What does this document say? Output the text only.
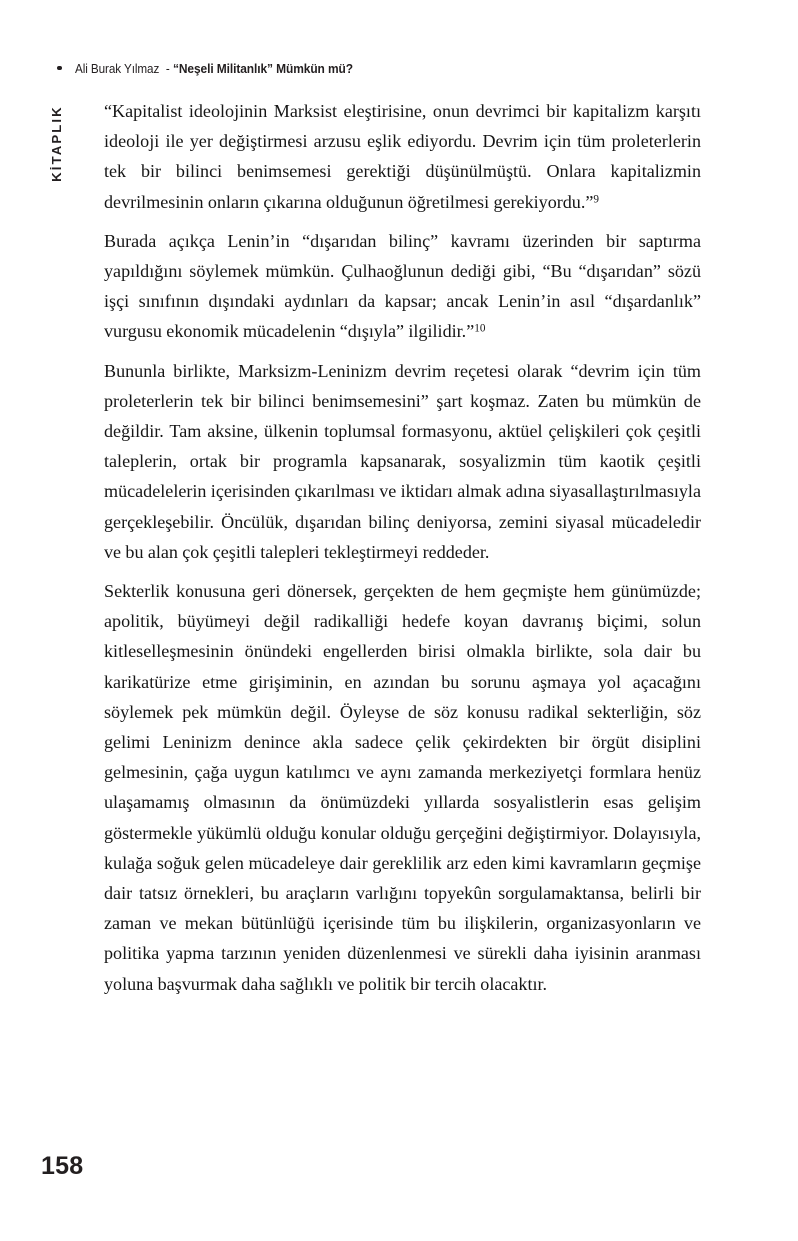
Ali Burak Yılmaz - “Neşeli Militanlık” Mümkün mü?
KİTAPLIK “Kapitalist ideolojinin Marksist eleştirisine, onun devrimci bir kapitalizm karşıtı ideoloji ile yer değiştirmesi arzusu eşlik ediyordu. Devrim için tüm proleterlerin tek bir bilinci benimsemesi gerektiği düşünülmüştü. Onlara kapitalizmin devrilmesinin onların çıkarına olduğunun öğretilmesi gerekiyordu.”$^9$

Burada açıkça Lenin’in “dışarıdan bilinç” kavramı üzerinden bir saptırma yapıldığını söylemek mümkün. Çulhaoğlunun dediği gibi, “Bu “dışarıdan” sözü işçi sınıfının dışındaki aydınları da kapsar; ancak Lenin’in asıl “dışardanlık” vurgusu ekonomik mücadelenin “dışıyla” ilgilidir.”$^{10}$

Bununla birlikte, Marksizm-Leninizm devrim reçetesi olarak “devrim için tüm proleterlerin tek bir bilinci benimsemesini” şart koşmaz. Zaten bu mümkün de değildir. Tam aksine, ülkenin toplumsal formasyonu, aktüel çelişkileri çok çeşitli taleplerin, ortak bir programla kapsanarak, sosyalizmin tüm kaotik çeşitli mücadelelerin içerisinden çıkarılması ve iktidarı almak adına siyasallaştırılmasıyla gerçekleşebilir. Öncülük, dışarıdan bilinç deniyorsa, zemini siyasal mücadeledir ve bu alan çok çeşitli talepleri tekleştirmeyi reddeder.

Sekterlik konusuna geri dönersek, gerçekten de hem geçmişte hem günümüzde; apolitik, büyümeyi değil radikalliği hedefe koyan davranış biçimi, solun kitleselleşmesinin önündeki engellerden birisi olmakla birlikte, sola dair bu karikatürize etme girişiminin, en azından bu sorunu aşmaya yol açacağını söylemek pek mümkün değil. Öyleyse de söz konusu radikal sekterliğin, söz gelimi Leninizm denince akla sadece çelik çekirdekten bir örgüt disiplini gelmesinin, çağa uygun katılımcı ve aynı zamanda merkeziyetçi formlara henüz ulaşamamış olmasının da önümüzdeki yıllarda sosyalistlerin esas gelişim göstermekle yükümlü olduğu konular olduğu gerçeğini değiştirmiyor. Dolayısıyla, kulağa soğuk gelen mücadeleye dair gereklilik arz eden kimi kavramların geçmişe dair tatsız örnekleri, bu araçların varlığını topyekûn sorgulamaktansa, belirli bir zaman ve mekan bütünlüğü içerisinde tüm bu ilişkilerin, organizasyonların ve politika yapma tarzının yeniden düzenlenmesi ve sürekli daha iyisinin aranması yoluna başvurmak daha sağlıklı ve politik bir tercih olacaktır.

158
